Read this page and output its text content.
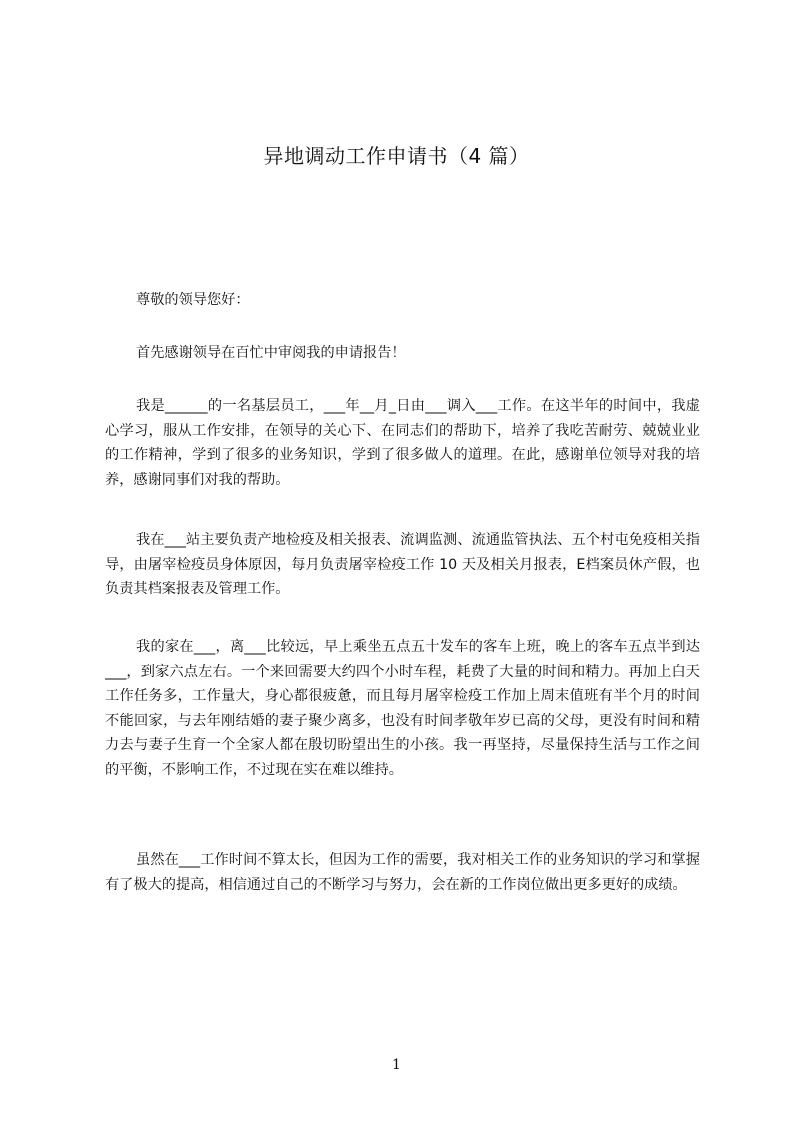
异地调动工作申请书（4 篇）

尊敬的领导您好：

首先感谢领导在百忙中审阅我的申请报告！

我是______的一名基层员工，___年__月_日由___调入___工作。在这半年的时间中，我虚心学习，服从工作安排，在领导的关心下、在同志们的帮助下，培养了我吃苦耐劳、兢兢业业的工作精神，学到了很多的业务知识，学到了很多做人的道理。在此，感谢单位领导对我的培养，感谢同事们对我的帮助。

我在___站主要负责产地检疫及相关报表、流调监测、流通监管执法、五个村屯免疫相关指导，由屠宰检疫员身体原因，每月负责屠宰检疫工作 10 天及相关月报表，E档案员休产假，也负责其档案报表及管理工作。

我的家在___，离___比较远，早上乘坐五点五十发车的客车上班，晚上的客车五点半到达___，到家六点左右。一个来回需要大约四个小时车程，耗费了大量的时间和精力。再加上白天工作任务多，工作量大，身心都很疲惫，而且每月屠宰检疫工作加上周末值班有半个月的时间不能回家，与去年刚结婚的妻子聚少离多，也没有时间孝敬年岁已高的父母，更没有时间和精力去与妻子生育一个全家人都在殷切盼望出生的小孩。我一再坚持，尽量保持生活与工作之间的平衡，不影响工作，不过现在实在难以维持。

虽然在___工作时间不算太长，但因为工作的需要，我对相关工作的业务知识的学习和掌握有了极大的提高，相信通过自己的不断学习与努力，会在新的工作岗位做出更多更好的成绩。

1
